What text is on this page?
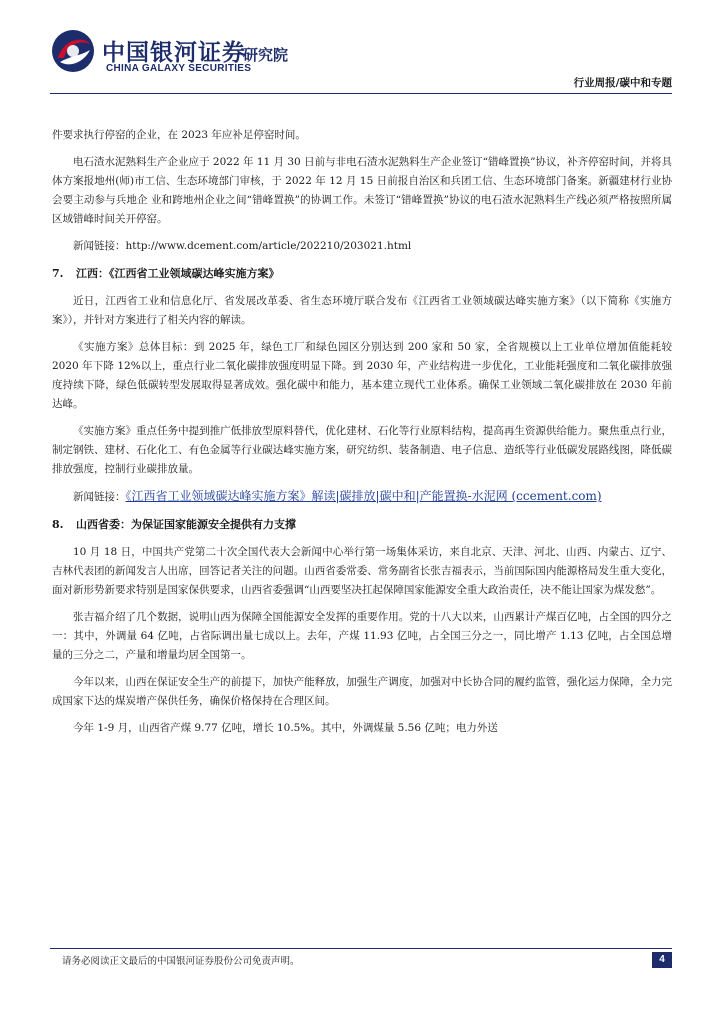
中国银河证券
CHINA GALAXY SECURITIES
研究院
行业周报/碳中和专题

件要求执行停窑的企业，在 2023 年应补足停窑时间。

电石渣水泥熟料生产企业应于 2022 年 11 月 30 日前与非电石渣水泥熟料生产企业签订“错峰置换”协议，补齐停窑时间，并将具体方案报地州(师)市工信、生态环境部门审核，于 2022 年 12 月 15 日前报自治区和兵团工信、生态环境部门备案。新疆建材行业协会要主动参与兵地企 业和跨地州企业之间“错峰置换”的协调工作。未签订“错峰置换”协议的电石渣水泥熟料生产线必须严格按照所属区域错峰时间关开停窑。

新闻链接：http://www.dcement.com/article/202210/203021.html

7. 江西：《江西省工业领域碳达峰实施方案》

近日，江西省工业和信息化厅、省发展改革委、省生态环境厅联合发布《江西省工业领域碳达峰实施方案》（以下简称《实施方案》），并针对方案进行了相关内容的解读。

《实施方案》总体目标：到 2025 年，绿色工厂和绿色园区分别达到 200 家和 50 家，全省规模以上工业单位增加值能耗较2020 年下降 12%以上，重点行业二氧化碳排放强度明显下降。到 2030 年，产业结构进一步优化，工业能耗强度和二氧化碳排放强度持续下降，绿色低碳转型发展取得显著成效。强化碳中和能力，基本建立现代工业体系。确保工业领域二氧化碳排放在 2030 年前达峰。

《实施方案》重点任务中提到推广低排放型原料替代，优化建材、石化等行业原料结构，提高再生资源供给能力。聚焦重点行业，制定钢铁、建材、石化化工、有色金属等行业碳达峰实施方案，研究纺织、装备制造、电子信息、造纸等行业低碳发展路线图，降低碳排放强度，控制行业碳排放量。

新闻链接：《江西省工业领域碳达峰实施方案》解读|碳排放|碳中和|产能置换-水泥网 (ccement.com)

8. 山西省委：为保证国家能源安全提供有力支撑

10 月 18 日，中国共产党第二十次全国代表大会新闻中心举行第一场集体采访，来自北京、天津、河北、山西、内蒙古、辽宁、吉林代表团的新闻发言人出席，回答记者关注的问题。山西省委常委、常务副省长张吉福表示，当前国际国内能源格局发生重大变化，面对新形势新要求特别是国家保供要求，山西省委强调“山西要坚决扛起保障国家能源安全重大政治责任，决不能让国家为煤发愁”。

张吉福介绍了几个数据，说明山西为保障全国能源安全发挥的重要作用。党的十八大以来，山西累计产煤百亿吨，占全国的四分之一：其中，外调量 64 亿吨，占省际调出量七成以上。去年，产煤 11.93 亿吨，占全国三分之一，同比增产 1.13 亿吨，占全国总增量的三分之二，产量和增量均居全国第一。

今年以来，山西在保证安全生产的前提下，加快产能释放，加强生产调度，加强对中长协合同的履约监管，强化运力保障，全力完成国家下达的煤炭增产保供任务，确保价格保持在合理区间。

今年 1-9 月，山西省产煤 9.77 亿吨，增长 10.5%。其中，外调煤量 5.56 亿吨；电力外送

请务必阅读正文最后的中国银河证券股份公司免责声明。	4
